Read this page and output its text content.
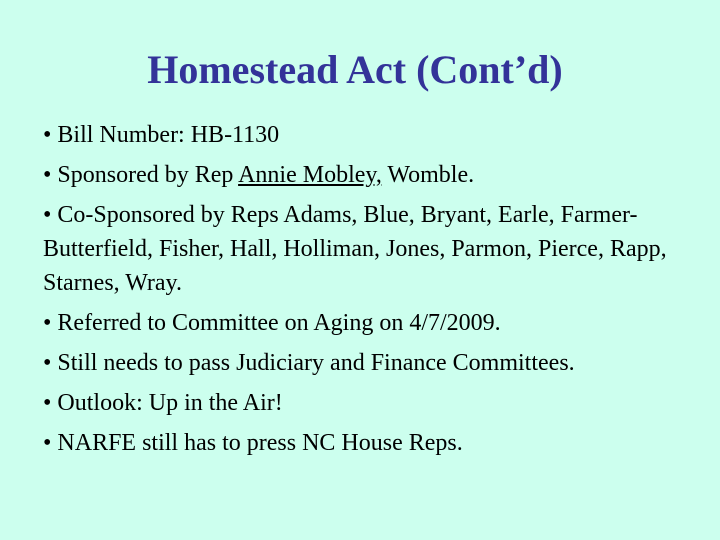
Homestead Act (Cont’d)

• Bill Number: HB-1130

• Sponsored by Rep Annie Mobley, Womble.

• Co-Sponsored by Reps Adams, Blue, Bryant, Earle, Farmer-Butterfield, Fisher, Hall, Holliman, Jones, Parmon, Pierce, Rapp, Starnes, Wray.

• Referred to Committee on Aging on 4/7/2009.

• Still needs to pass Judiciary and Finance Committees.

• Outlook: Up in the Air!

• NARFE still has to press NC House Reps.
